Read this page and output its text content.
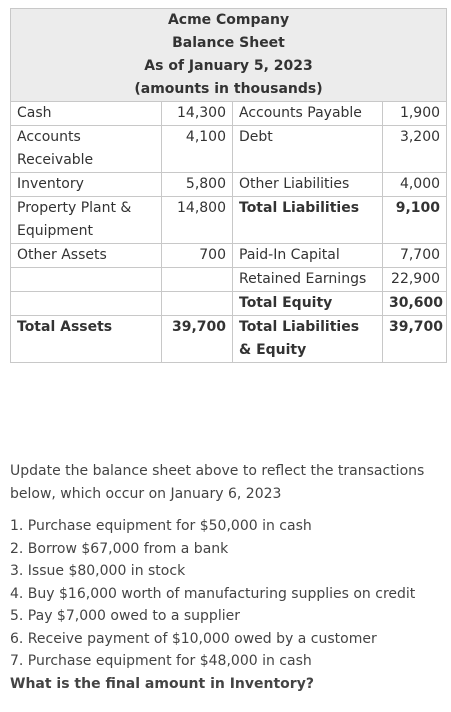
Acme Company
Balance Sheet
As of January 5, 2023
(amounts in thousands)			

Cash	14,300	Accounts Payable	1,900
Accounts Receivable	4,100	Debt	3,200
Inventory	5,800	Other Liabilities	4,000
Property Plant & Equipment	14,800	Total Liabilities	9,100
Other Assets	700	Paid-In Capital	7,700
		Retained Earnings	22,900
		Total Equity	30,600
Total Assets	39,700	Total Liabilities & Equity	39,700

Update the balance sheet above to reflect the transactions below, which occur on January 6, 2023

1. Purchase equipment for $50,000 in cash
2. Borrow $67,000 from a bank
3. Issue $80,000 in stock
4. Buy $16,000 worth of manufacturing supplies on credit
5. Pay $7,000 owed to a supplier
6. Receive payment of $10,000 owed by a customer
7. Purchase equipment for $48,000 in cash

What is the final amount in Inventory?
